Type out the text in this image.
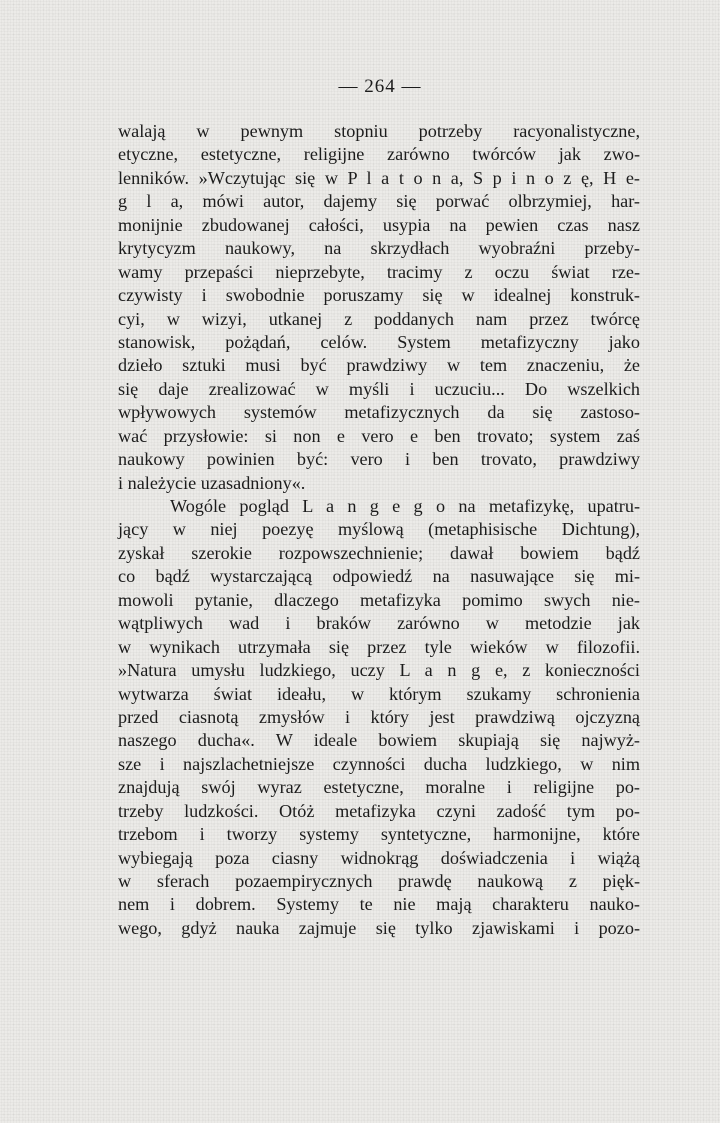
— 264 —
walają w pewnym stopniu potrzeby racyonalistyczne,
etyczne, estetyczne, religijne zarówno twórców jak zwo-
lenników. »Wczytując się w P l a t o n a, S p i n o z ę, H e-
g l a, mówi autor, dajemy się porwać olbrzymiej, har-
monijnie zbudowanej całości, usypia na pewien czas nasz
krytycyzm naukowy, na skrzydłach wyobraźni przeby-
wamy przepaści nieprzebyte, tracimy z oczu świat rze-
czywisty i swobodnie poruszamy się w idealnej konstruk-
cyi, w wizyi, utkanej z poddanych nam przez twórcę
stanowisk, pożądań, celów. System metafizyczny jako
dzieło sztuki musi być prawdziwy w tem znaczeniu, że
się daje zrealizować w myśli i uczuciu... Do wszelkich
wpływowych systemów metafizycznych da się zastoso-
wać przysłowie: si non e vero e ben trovato; system zaś
naukowy powinien być: vero i ben trovato, prawdziwy
i należycie uzasadniony«.
Wogóle pogląd L a n g e g o na metafizykę, upatru-
jący w niej poezyę myślową (metaphisische Dichtung),
zyskał szerokie rozpowszechnienie; dawał bowiem bądź
co bądź wystarczającą odpowiedź na nasuwające się mi-
mowoli pytanie, dlaczego metafizyka pomimo swych nie-
wątpliwych wad i braków zarówno w metodzie jak
w wynikach utrzymała się przez tyle wieków w filozofii.
»Natura umysłu ludzkiego, uczy L a n g e, z konieczności
wytwarza świat ideału, w którym szukamy schronienia
przed ciasnotą zmysłów i który jest prawdziwą ojczyzną
naszego ducha«. W ideale bowiem skupiają się najwyż-
sze i najszlachetniejsze czynności ducha ludzkiego, w nim
znajdują swój wyraz estetyczne, moralne i religijne po-
trzeby ludzkości. Otóż metafizyka czyni zadość tym po-
trzebom i tworzy systemy syntetyczne, harmonijne, które
wybiegają poza ciasny widnokrąg doświadczenia i wiążą
w sferach pozaempirycznych prawdę naukową z pięk-
nem i dobrem. Systemy te nie mają charakteru nauko-
wego, gdyż nauka zajmuje się tylko zjawiskami i pozo-
